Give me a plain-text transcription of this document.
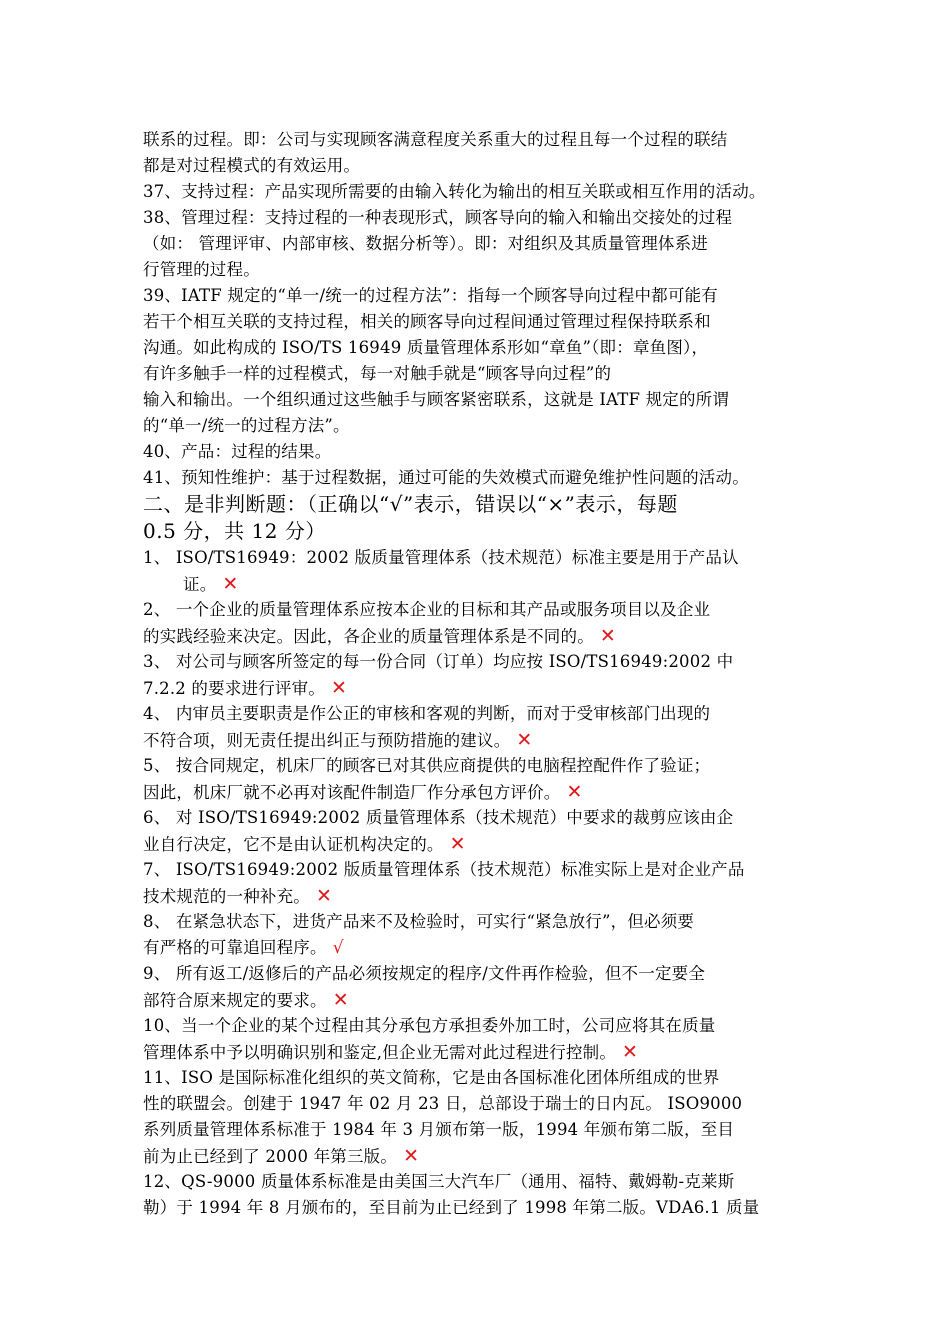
联系的过程。即：公司与实现顾客满意程度关系重大的过程且每一个过程的联结
都是对过程模式的有效运用。
37、支持过程：产品实现所需要的由输入转化为输出的相互关联或相互作用的活动。
38、管理过程：支持过程的一种表现形式，顾客导向的输入和输出交接处的过程
（如： 管理评审、内部审核、数据分析等）。即：对组织及其质量管理体系进
行管理的过程。
39、IATF 规定的“单一/统一的过程方法”：指每一个顾客导向过程中都可能有
若干个相互关联的支持过程，相关的顾客导向过程间通过管理过程保持联系和
沟通。如此构成的 ISO/TS 16949 质量管理体系形如“章鱼”（即：章鱼图），
有许多触手一样的过程模式，每一对触手就是“顾客导向过程”的
输入和输出。一个组织通过这些触手与顾客紧密联系，这就是 IATF 规定的所谓
的“单一/统一的过程方法”。
40、产品：过程的结果。
41、预知性维护：基于过程数据，通过可能的失效模式而避免维护性问题的活动。
二、是非判断题：（正确以“√”表示，错误以“×”表示，每题
0.5 分，共 12 分）
1、 ISO/TS16949：2002 版质量管理体系（技术规范）标准主要是用于产品认
证。 ✕
2、 一个企业的质量管理体系应按本企业的目标和其产品或服务项目以及企业
的实践经验来决定。因此，各企业的质量管理体系是不同的。 ✕
3、 对公司与顾客所签定的每一份合同（订单）均应按 ISO/TS16949:2002 中
7.2.2 的要求进行评审。 ✕
4、 内审员主要职责是作公正的审核和客观的判断，而对于受审核部门出现的
不符合项，则无责任提出纠正与预防措施的建议。 ✕
5、 按合同规定，机床厂的顾客已对其供应商提供的电脑程控配件作了验证；
因此，机床厂就不必再对该配件制造厂作分承包方评价。 ✕
6、 对 ISO/TS16949:2002 质量管理体系（技术规范）中要求的裁剪应该由企
业自行决定，它不是由认证机构决定的。 ✕
7、 ISO/TS16949:2002 版质量管理体系（技术规范）标准实际上是对企业产品
技术规范的一种补充。 ✕
8、 在紧急状态下，进货产品来不及检验时，可实行“紧急放行”，但必须要
有严格的可靠追回程序。 √
9、 所有返工/返修后的产品必须按规定的程序/文件再作检验，但不一定要全
部符合原来规定的要求。 ✕
10、当一个企业的某个过程由其分承包方承担委外加工时，公司应将其在质量
管理体系中予以明确识别和鉴定,但企业无需对此过程进行控制。 ✕
11、ISO 是国际标准化组织的英文简称，它是由各国标准化团体所组成的世界
性的联盟会。创建于 1947 年 02 月 23 日，总部设于瑞士的日内瓦。 ISO9000
系列质量管理体系标准于 1984 年 3 月颁布第一版，1994 年颁布第二版，至目
前为止已经到了 2000 年第三版。 ✕
12、QS-9000 质量体系标准是由美国三大汽车厂（通用、福特、戴姆勒-克莱斯
勒）于 1994 年 8 月颁布的，至目前为止已经到了 1998 年第二版。VDA6.1 质量
